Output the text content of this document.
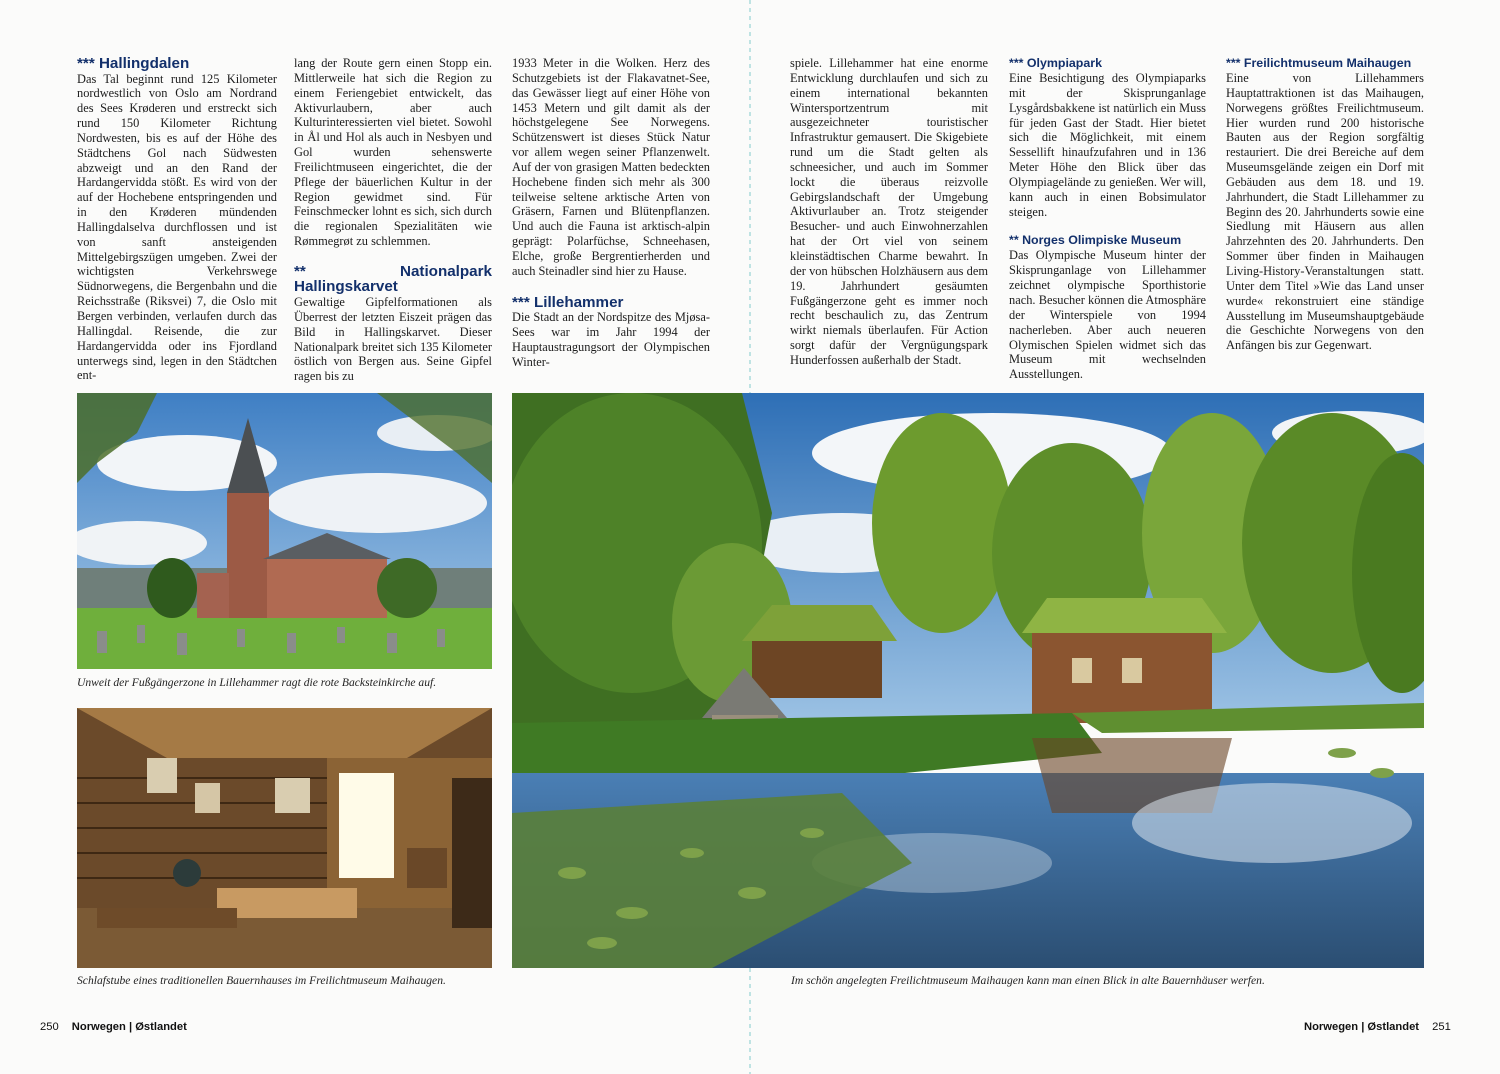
*** Hallingdalen

Das Tal beginnt rund 125 Kilometer nordwestlich von Oslo am Nordrand des Sees Krøderen und erstreckt sich rund 150 Kilometer Richtung Nordwesten, bis es auf der Höhe des Städtchens Gol nach Südwesten abzweigt und an den Rand der Hardangervidda stößt. Es wird von der auf der Hochebene entspringenden und in den Krøderen mündenden Hallingdalselva durchflossen und ist von sanft ansteigenden Mittelgebirgszügen umgeben. Zwei der wichtigsten Verkehrswege Südnorwegens, die Bergenbahn und die Reichsstraße (Riksvei) 7, die Oslo mit Bergen verbinden, verlaufen durch das Hallingdal. Reisende, die zur Hardangervidda oder ins Fjordland unterwegs sind, legen in den Städtchen ent-

lang der Route gern einen Stopp ein. Mittlerweile hat sich die Region zu einem Feriengebiet entwickelt, das Aktivurlaubern, aber auch Kulturinteressierten viel bietet. Sowohl in Ål und Hol als auch in Nesbyen und Gol wurden sehenswerte Freilichtmuseen eingerichtet, die der Pflege der bäuerlichen Kultur in der Region gewidmet sind. Für Feinschmecker lohnt es sich, sich durch die regionalen Spezialitäten wie Rømmegrøt zu schlemmen.

** Nationalpark Hallingskarvet

Gewaltige Gipfelformationen als Überrest der letzten Eiszeit prägen das Bild in Hallingskarvet. Dieser Nationalpark breitet sich 135 Kilometer östlich von Bergen aus. Seine Gipfel ragen bis zu

1933 Meter in die Wolken. Herz des Schutzgebiets ist der Flakavatnet-See, das Gewässer liegt auf einer Höhe von 1453 Metern und gilt damit als der höchstgelegene See Norwegens. Schützenswert ist dieses Stück Natur vor allem wegen seiner Pflanzenwelt. Auf der von grasigen Matten bedeckten Hochebene finden sich mehr als 300 teilweise seltene arktische Arten von Gräsern, Farnen und Blütenpflanzen. Und auch die Fauna ist arktisch-alpin geprägt: Polarfüchse, Schneehasen, Elche, große Bergrentierherden und auch Steinadler sind hier zu Hause.

*** Lillehammer

Die Stadt an der Nordspitze des Mjøsa-Sees war im Jahr 1994 der Hauptaustragungsort der Olympischen Winter-

Unweit der Fußgängerzone in Lillehammer ragt die rote Backsteinkirche auf.
Schlafstube eines traditionellen Bauernhauses im Freilichtmuseum Maihaugen.
250 Norwegen | Østlandet

spiele. Lillehammer hat eine enorme Entwicklung durchlaufen und sich zu einem international bekannten Wintersportzentrum mit ausgezeichneter touristischer Infrastruktur gemausert. Die Skigebiete rund um die Stadt gelten als schneesicher, und auch im Sommer lockt die überaus reizvolle Gebirgslandschaft der Umgebung Aktivurlauber an. Trotz steigender Besucher- und auch Einwohnerzahlen hat der Ort viel von seinem kleinstädtischen Charme bewahrt. In der von hübschen Holzhäusern aus dem 19. Jahrhundert gesäumten Fußgängerzone geht es immer noch recht beschaulich zu, das Zentrum wirkt niemals überlaufen. Für Action sorgt dafür der Vergnügungspark Hunderfossen außerhalb der Stadt.

*** Olympiapark

Eine Besichtigung des Olympiaparks mit der Skisprunganlage Lysgårdsbakkene ist natürlich ein Muss für jeden Gast der Stadt. Hier bietet sich die Möglichkeit, mit einem Sessellift hinaufzufahren und in 136 Meter Höhe den Blick über das Olympiagelände zu genießen. Wer will, kann auch in einen Bobsimulator steigen.

** Norges Olimpiske Museum

Das Olympische Museum hinter der Skisprunganlage von Lillehammer zeichnet olympische Sporthistorie nach. Besucher können die Atmosphäre der Winterspiele von 1994 nacherleben. Aber auch neueren Olymischen Spielen widmet sich das Museum mit wechselnden Ausstellungen.

*** Freilichtmuseum Maihaugen

Eine von Lillehammers Hauptattraktionen ist das Maihaugen, Norwegens größtes Freilichtmuseum. Hier wurden rund 200 historische Bauten aus der Region sorgfältig restauriert. Die drei Bereiche auf dem Museumsgelände zeigen ein Dorf mit Gebäuden aus dem 18. und 19. Jahrhundert, die Stadt Lillehammer zu Beginn des 20. Jahrhunderts sowie eine Siedlung mit Häusern aus allen Jahrzehnten des 20. Jahrhunderts. Den Sommer über finden in Maihaugen Living-History-Veranstaltungen statt. Unter dem Titel »Wie das Land unser wurde« rekonstruiert eine ständige Ausstellung im Museumshauptgebäude die Geschichte Norwegens von den Anfängen bis zur Gegenwart.

Im schön angelegten Freilichtmuseum Maihaugen kann man einen Blick in alte Bauernhäuser werfen.
Norwegen | Østlandet 251
